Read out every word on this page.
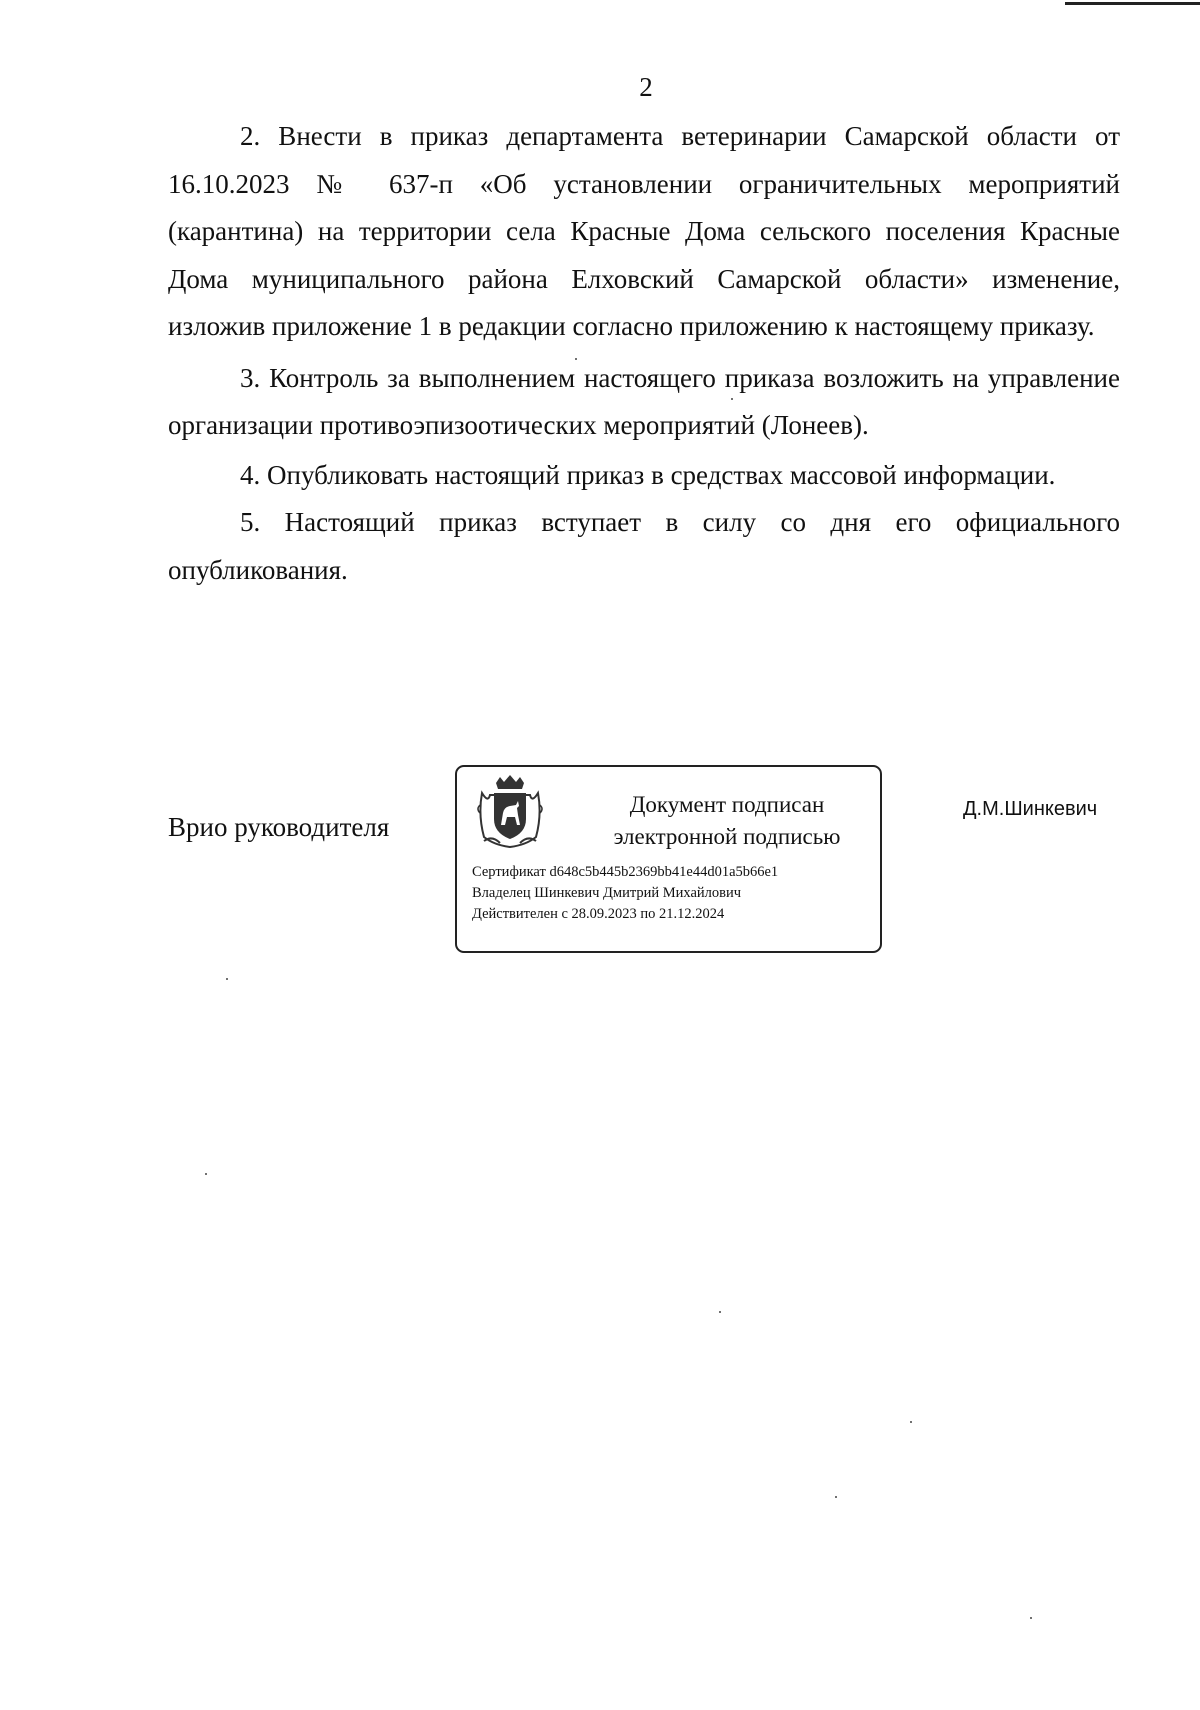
2

2. Внести в приказ департамента ветеринарии Самарской области от 16.10.2023 № 637-п «Об установлении ограничительных мероприятий (карантина) на территории села Красные Дома сельского поселения Красные Дома муниципального района Елховский Самарской области» изменение, изложив приложение 1 в редакции согласно приложению к настоящему приказу.

3. Контроль за выполнением настоящего приказа возложить на управление организации противоэпизоотических мероприятий (Лонеев).

4. Опубликовать настоящий приказ в средствах массовой информации.

5. Настоящий приказ вступает в силу со дня его официального опубликования.

Врио руководителя
Документ подписан
электронной подписью
Сертификат d648c5b445b2369bb41e44d01a5b66e1
Владелец Шинкевич Дмитрий Михайлович
Действителен с 28.09.2023 по 21.12.2024
Д.М.Шинкевич
